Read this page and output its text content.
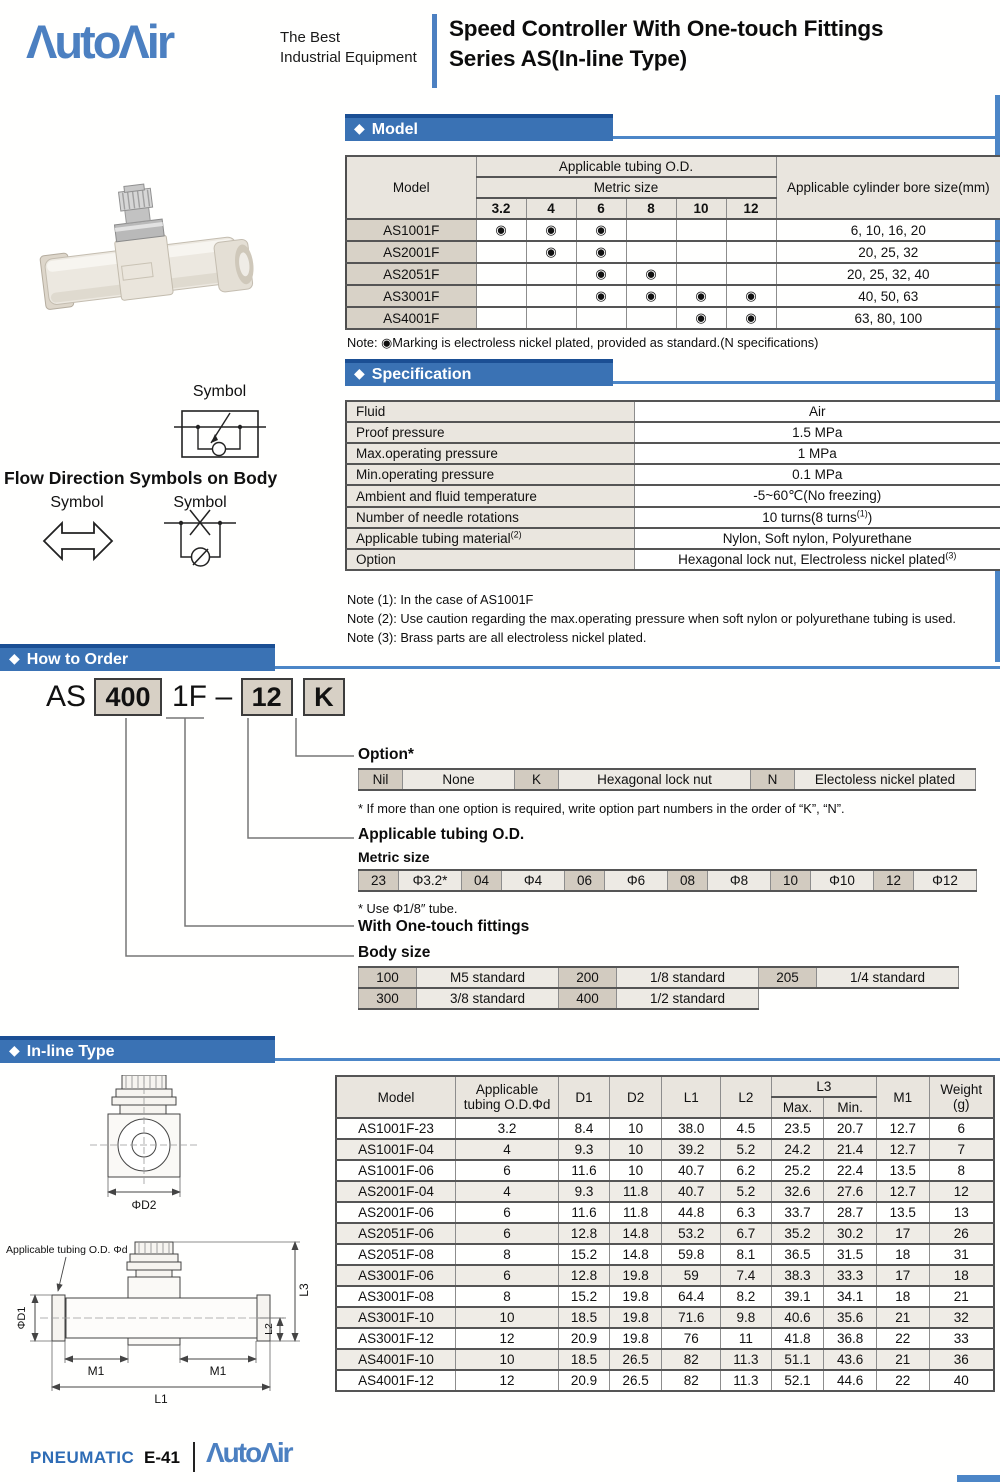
ΛutoΛir	The Best
Industrial Equipment
Speed Controller With One-touch Fittings
Series AS(In-line Type)
Symbol
Flow Direction Symbols on Body
Symbol	Symbol
◆ Model
Model	Applicable tubing O.D.						Applicable cylinder bore size(mm)
	Metric size						
	3.2	4	6	8	10	12	
AS1001F	◉	◉	◉				6, 10, 16, 20
AS2001F		◉	◉				20, 25, 32
AS2051F			◉	◉			20, 25, 32, 40
AS3001F			◉	◉	◉	◉	40, 50, 63
AS4001F					◉	◉	63, 80, 100
Note: ◉Marking is electroless nickel plated, provided as standard.(N specifications)
◆ Specification
Fluid	Air
Proof pressure	1.5 MPa
Max.operating pressure	1 MPa
Min.operating pressure	0.1 MPa
Ambient and fluid temperature	-5~60℃(No freezing)
Number of needle rotations	10 turns(8 turns$^{(1)}$)
Applicable tubing material$^{(2)}$	Nylon, Soft nylon, Polyurethane
Option	Hexagonal lock nut, Electroless nickel plated$^{(3)}$
Note (1): In the case of AS1001F
Note (2): Use caution regarding the max.operating pressure when soft nylon or polyurethane tubing is used.
Note (3): Brass parts are all electroless nickel plated.
◆ How to Order
AS 400 1F – 12 K
Option*
Nil	None	K	Hexagonal lock nut	N	Electoless nickel plated
* If more than one option is required, write option part numbers in the order of “K”, “N”.
Applicable tubing O.D.
Metric size
23	Φ3.2*	04	Φ4	06	Φ6	08	Φ8	10	Φ10	12	Φ12
* Use Φ1/8″ tube.
With One-touch fittings
Body size
100	M5 standard	200	1/8 standard	205	1/4 standard
300	3/8 standard	400	1/2 standard		
◆ In-line Type
ΦD2
Applicable tubing O.D. Φd
ΦD1
L3
L2
M1	M1
L1
Model	Applicable tubing O.D.Φd	D1	D2	L1	L2	L3		M1	Weight
(g)
						Max.	Min.		
AS1001F-23	3.2	8.4	10	38.0	4.5	23.5	20.7	12.7	6
AS1001F-04	4	9.3	10	39.2	5.2	24.2	21.4	12.7	7
AS1001F-06	6	11.6	10	40.7	6.2	25.2	22.4	13.5	8
AS2001F-04	4	9.3	11.8	40.7	5.2	32.6	27.6	12.7	12
AS2001F-06	6	11.6	11.8	44.8	6.3	33.7	28.7	13.5	13
AS2051F-06	6	12.8	14.8	53.2	6.7	35.2	30.2	17	26
AS2051F-08	8	15.2	14.8	59.8	8.1	36.5	31.5	18	31
AS3001F-06	6	12.8	19.8	59	7.4	38.3	33.3	17	18
AS3001F-08	8	15.2	19.8	64.4	8.2	39.1	34.1	18	21
AS3001F-10	10	18.5	19.8	71.6	9.8	40.6	35.6	21	32
AS3001F-12	12	20.9	19.8	76	11	41.8	36.8	22	33
AS4001F-10	10	18.5	26.5	82	11.3	51.1	43.6	21	36
AS4001F-12	12	20.9	26.5	82	11.3	52.1	44.6	22	40
PNEUMATIC E-41 ΛutoΛir
